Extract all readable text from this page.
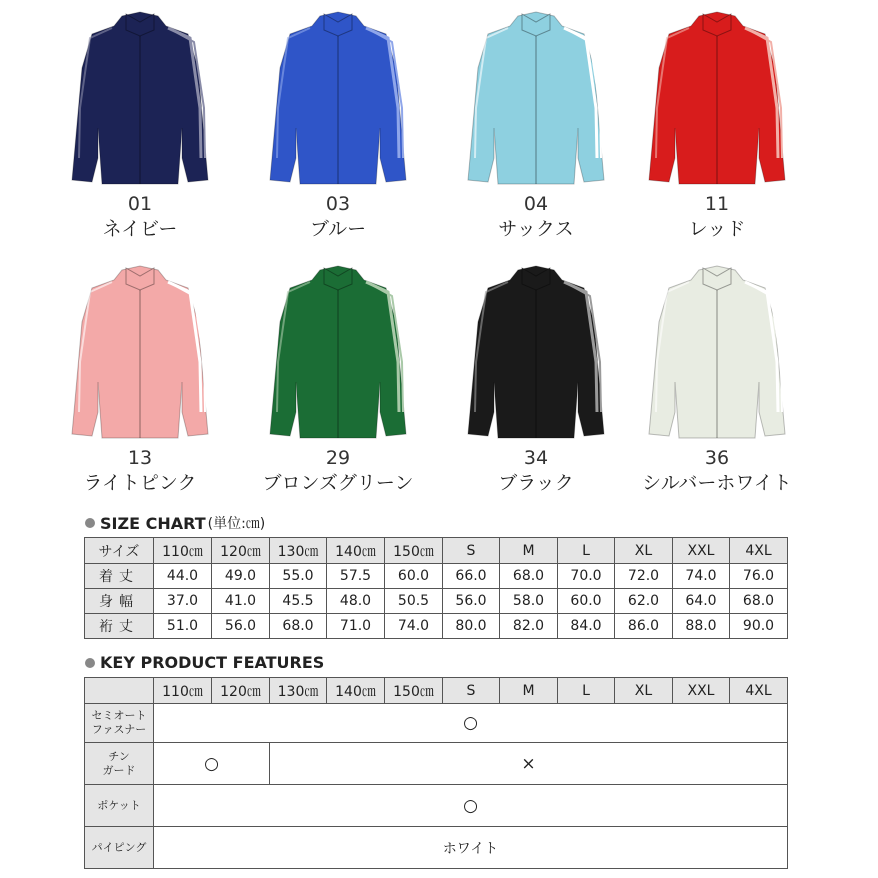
01
ネイビー
03
ブルー
04
サックス
11
レッド
13
ライトピンク
29
ブロンズグリーン
34
ブラック
36
シルバーホワイト
SIZE CHART (単位:㎝)
サイズ	110㎝	120㎝	130㎝	140㎝	150㎝	S	M	L	XL	XXL	4XL
着丈	44.0	49.0	55.0	57.5	60.0	66.0	68.0	70.0	72.0	74.0	76.0
身幅	37.0	41.0	45.5	48.0	50.5	56.0	58.0	60.0	62.0	64.0	68.0
裄丈	51.0	56.0	68.0	71.0	74.0	80.0	82.0	84.0	86.0	88.0	90.0
KEY PRODUCT FEATURES
	110㎝	120㎝	130㎝	140㎝	150㎝	S	M	L	XL	XXL	4XL

セミオート
ファスナー	○										

チン
ガード	○		×								
ポケット	○										
パイピング	ホワイト										
